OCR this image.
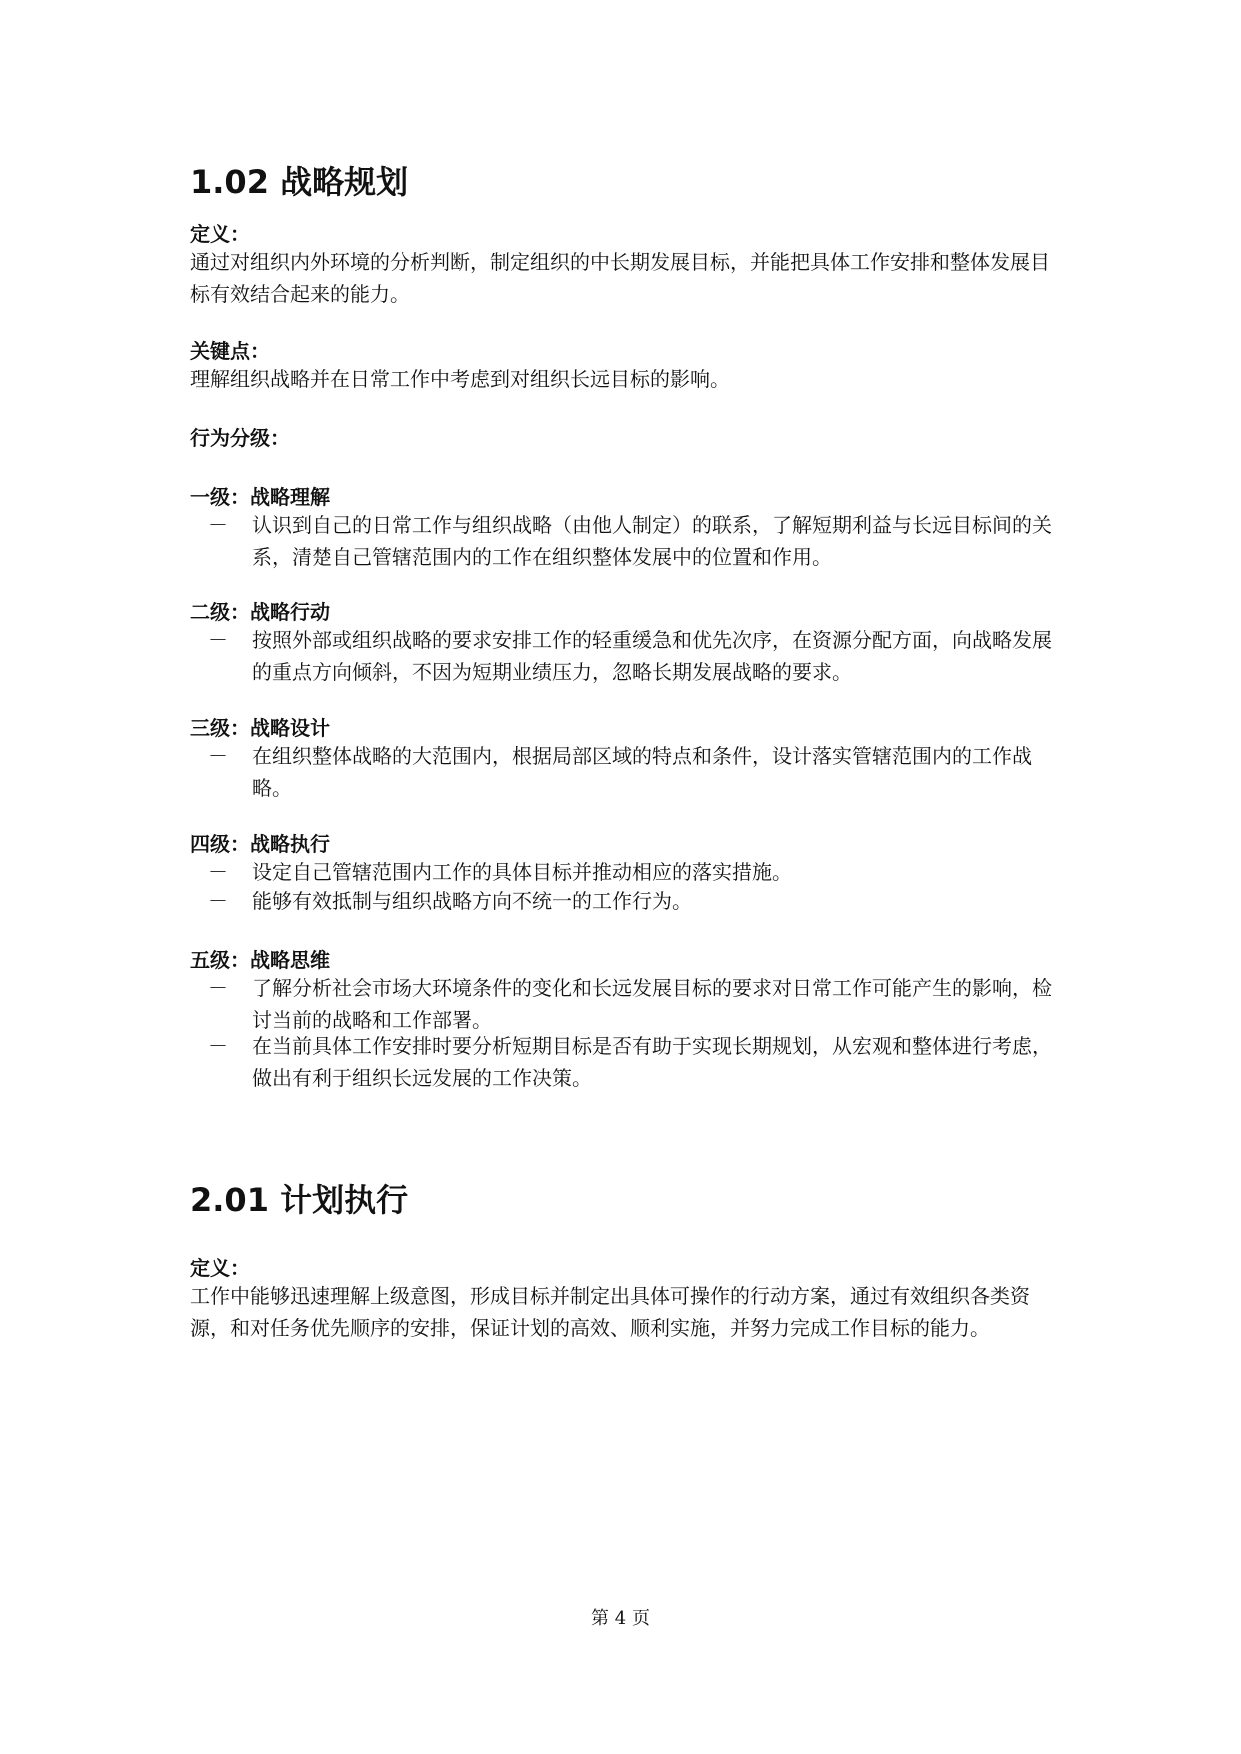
1.02 战略规划
定义：
通过对组织内外环境的分析判断，制定组织的中长期发展目标，并能把具体工作安排和整体发展目标有效结合起来的能力。
关键点：
理解组织战略并在日常工作中考虑到对组织长远目标的影响。
行为分级：
一级：战略理解
－ 认识到自己的日常工作与组织战略（由他人制定）的联系，了解短期利益与长远目标间的关系，清楚自己管辖范围内的工作在组织整体发展中的位置和作用。
二级：战略行动
－ 按照外部或组织战略的要求安排工作的轻重缓急和优先次序，在资源分配方面，向战略发展的重点方向倾斜，不因为短期业绩压力，忽略长期发展战略的要求。
三级：战略设计
－ 在组织整体战略的大范围内，根据局部区域的特点和条件，设计落实管辖范围内的工作战略。
四级：战略执行
－ 设定自己管辖范围内工作的具体目标并推动相应的落实措施。
－ 能够有效抵制与组织战略方向不统一的工作行为。
五级：战略思维
－ 了解分析社会市场大环境条件的变化和长远发展目标的要求对日常工作可能产生的影响，检讨当前的战略和工作部署。
－ 在当前具体工作安排时要分析短期目标是否有助于实现长期规划，从宏观和整体进行考虑，做出有利于组织长远发展的工作决策。
2.01 计划执行
定义：
工作中能够迅速理解上级意图，形成目标并制定出具体可操作的行动方案，通过有效组织各类资源，和对任务优先顺序的安排，保证计划的高效、顺利实施，并努力完成工作目标的能力。
第 4 页
